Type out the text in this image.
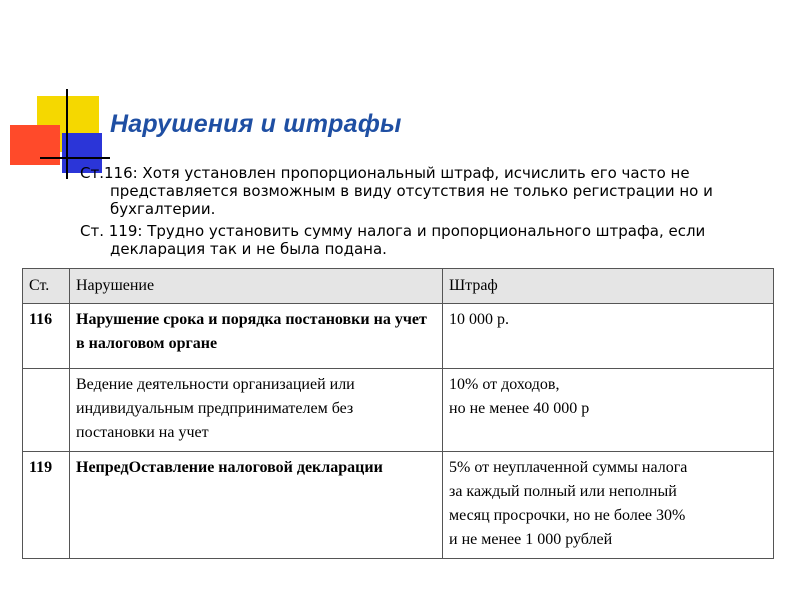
Нарушения и штрафы

Ст.116: Хотя установлен пропорциональный штраф, исчислить его часто не представляется возможным в виду отсутствия не только регистрации но и бухгалтерии.

Ст. 119: Трудно установить сумму налога и пропорционального штрафа, если декларация так и не была подана.

Ст.	Нарушение	Штраф
116	Нарушение срока и порядка постановки на учет в налоговом органе	10 000 р.

	Ведение деятельности организацией или индивидуальным предпринимателем без постановки на учет	10% от доходов,
но не менее 40 000 р

119	НепредОставление налоговой декларации	5% от неуплаченной суммы налога
за каждый полный или неполный
месяц просрочки, но не более 30%
и не менее 1 000 рублей
